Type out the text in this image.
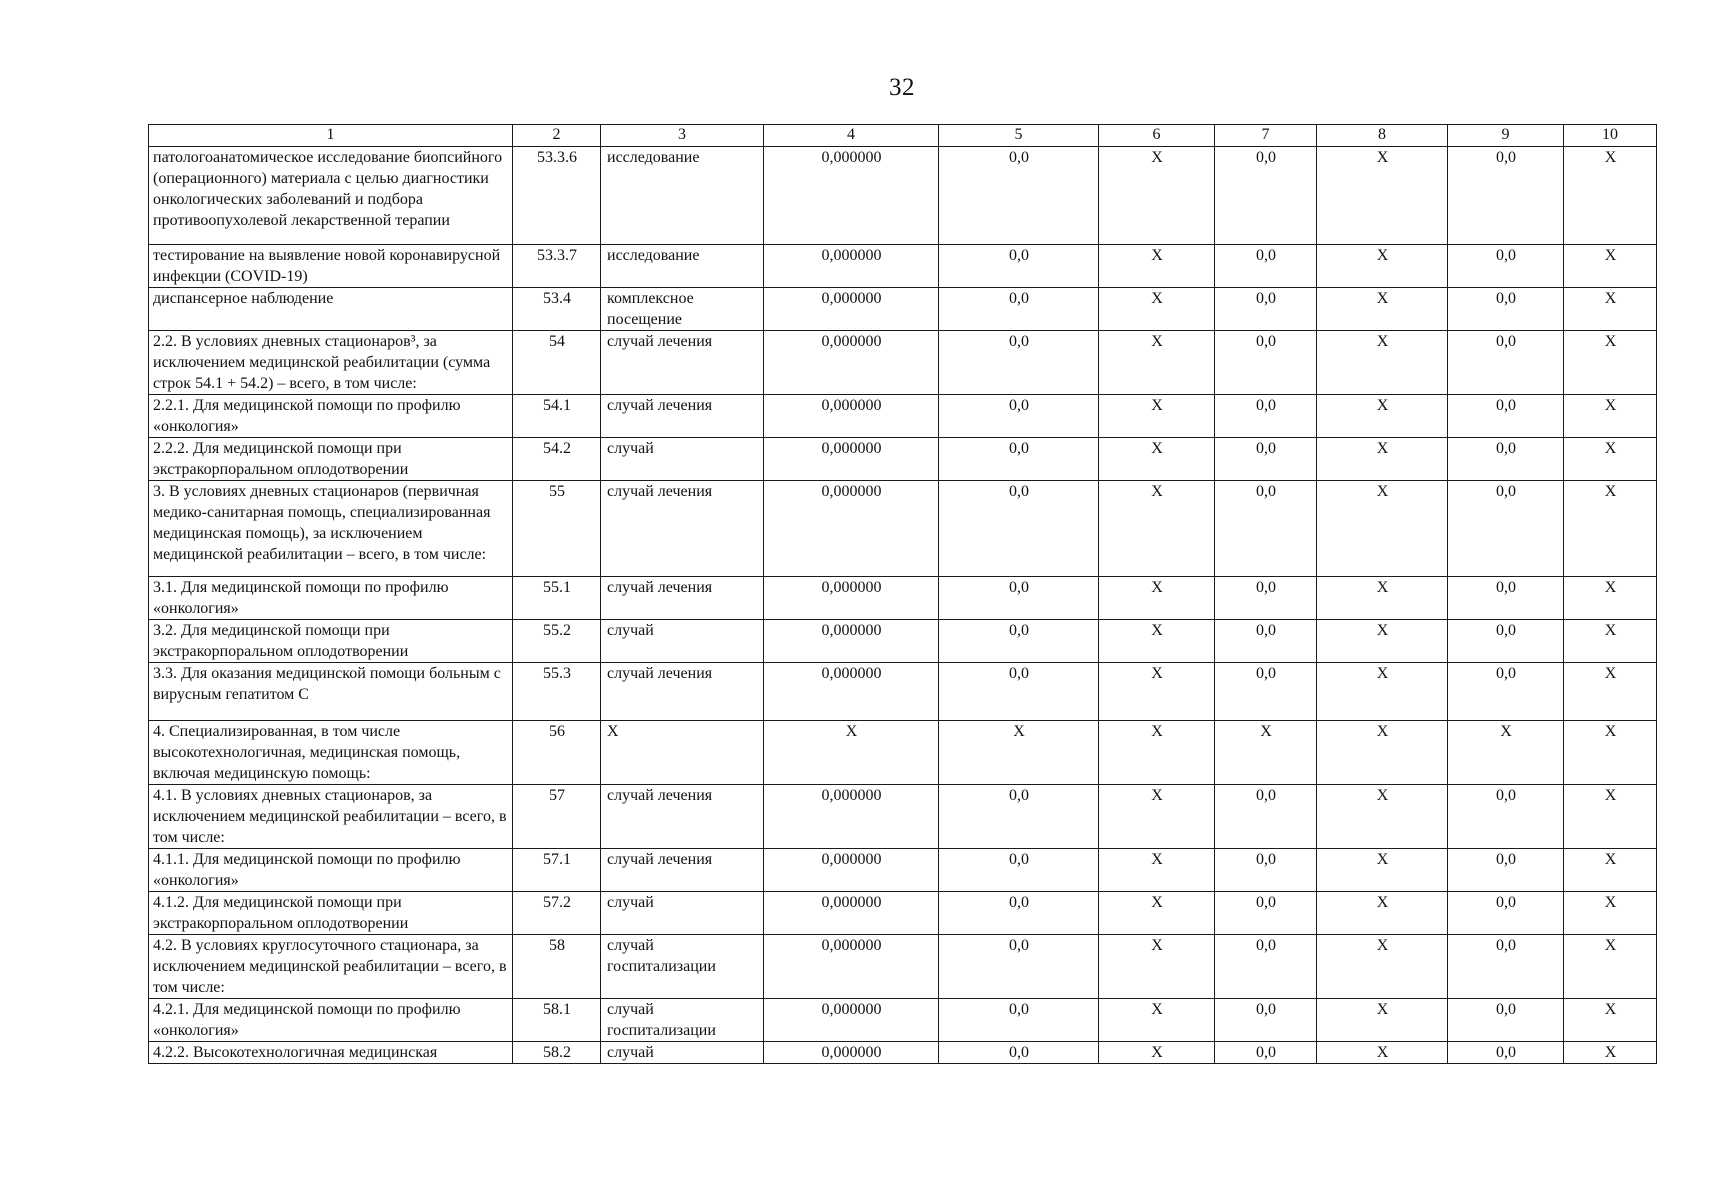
32
1	2	3	4	5	6	7	8	9	10
патологоанатомическое исследование биопсийного (операционного) материала с целью диагностики онкологических заболеваний и подбора противоопухолевой лекарственной терапии	53.3.6	исследование	0,000000	0,0	X	0,0	X	0,0	X
тестирование на выявление новой коронавирусной инфекции (COVID-19)	53.3.7	исследование	0,000000	0,0	X	0,0	X	0,0	X
диспансерное наблюдение	53.4	комплексное посещение	0,000000	0,0	X	0,0	X	0,0	X
2.2. В условиях дневных стационаров³, за исключением медицинской реабилитации (сумма строк 54.1 + 54.2) – всего, в том числе:	54	случай лечения	0,000000	0,0	X	0,0	X	0,0	X
2.2.1. Для медицинской помощи по профилю «онкология»	54.1	случай лечения	0,000000	0,0	X	0,0	X	0,0	X
2.2.2. Для медицинской помощи при экстракорпоральном оплодотворении	54.2	случай	0,000000	0,0	X	0,0	X	0,0	X
3. В условиях дневных стационаров (первичная медико-санитарная помощь, специализированная медицинская помощь), за исключением медицинской реабилитации – всего, в том числе:	55	случай лечения	0,000000	0,0	X	0,0	X	0,0	X
3.1. Для медицинской помощи по профилю «онкология»	55.1	случай лечения	0,000000	0,0	X	0,0	X	0,0	X
3.2. Для медицинской помощи при экстракорпоральном оплодотворении	55.2	случай	0,000000	0,0	X	0,0	X	0,0	X
3.3. Для оказания медицинской помощи больным с вирусным гепатитом С	55.3	случай лечения	0,000000	0,0	X	0,0	X	0,0	X
4. Специализированная, в том числе высокотехнологичная, медицинская помощь, включая медицинскую помощь:	56	X	X	X	X	X	X	X	X
4.1. В условиях дневных стационаров, за исключением медицинской реабилитации – всего, в том числе:	57	случай лечения	0,000000	0,0	X	0,0	X	0,0	X
4.1.1. Для медицинской помощи по профилю «онкология»	57.1	случай лечения	0,000000	0,0	X	0,0	X	0,0	X
4.1.2. Для медицинской помощи при экстракорпоральном оплодотворении	57.2	случай	0,000000	0,0	X	0,0	X	0,0	X
4.2. В условиях круглосуточного стационара, за исключением медицинской реабилитации – всего, в том числе:	58	случай госпитализации	0,000000	0,0	X	0,0	X	0,0	X
4.2.1. Для медицинской помощи по профилю «онкология»	58.1	случай госпитализации	0,000000	0,0	X	0,0	X	0,0	X
4.2.2. Высокотехнологичная медицинская	58.2	случай	0,000000	0,0	X	0,0	X	0,0	X
